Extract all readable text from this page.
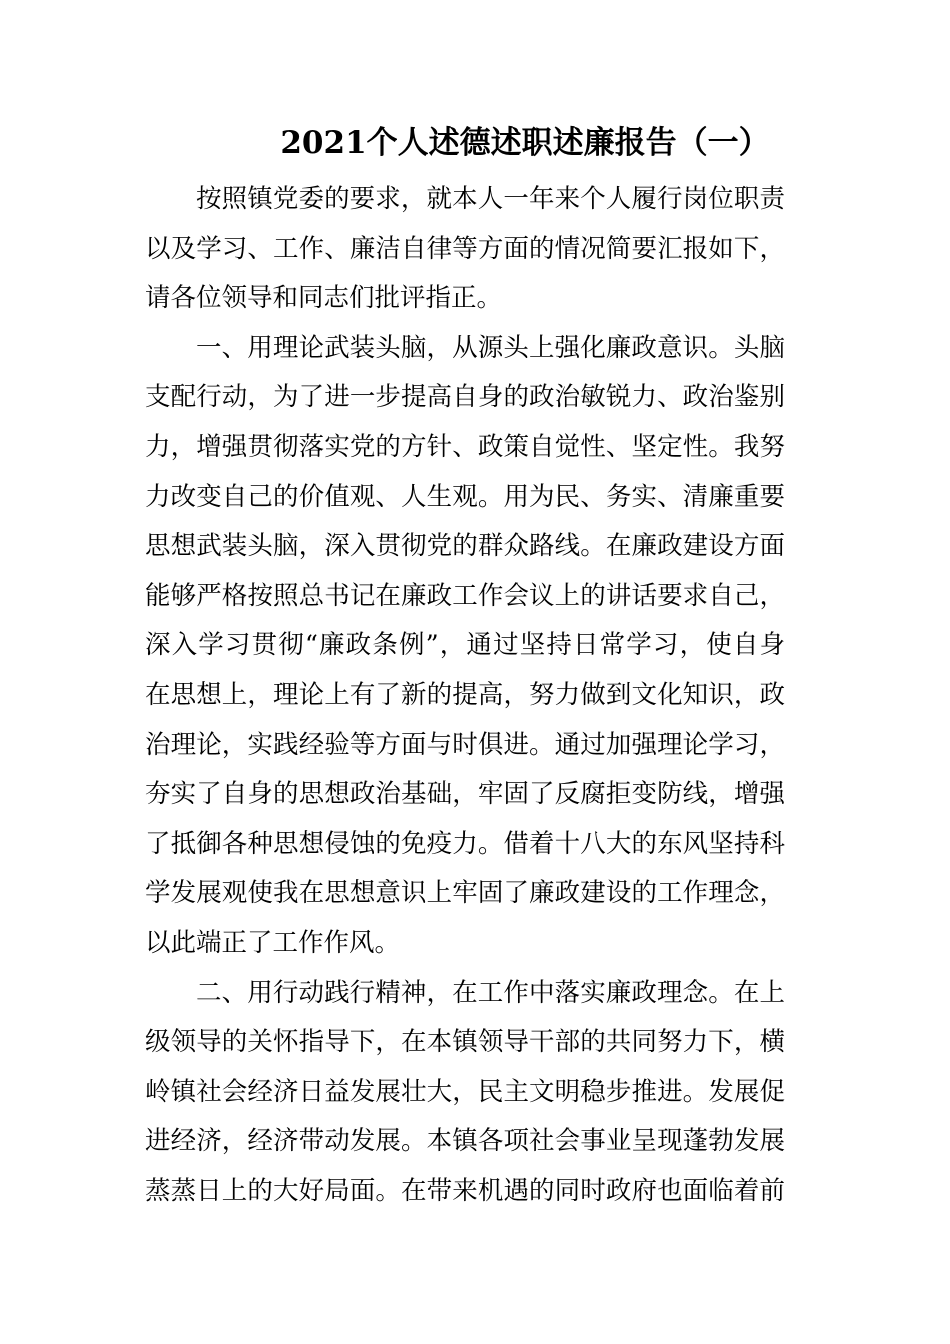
2021个人述德述职述廉报告（一）
按照镇党委的要求，就本人一年来个人履行岗位职责
以及学习、工作、廉洁自律等方面的情况简要汇报如下，
请各位领导和同志们批评指正。
一、用理论武装头脑，从源头上强化廉政意识。头脑
支配行动，为了进一步提高自身的政治敏锐力、政治鉴别
力，增强贯彻落实党的方针、政策自觉性、坚定性。我努
力改变自己的价值观、人生观。用为民、务实、清廉重要
思想武装头脑，深入贯彻党的群众路线。在廉政建设方面
能够严格按照总书记在廉政工作会议上的讲话要求自己，
深入学习贯彻“廉政条例”，通过坚持日常学习，使自身
在思想上，理论上有了新的提高，努力做到文化知识，政
治理论，实践经验等方面与时俱进。通过加强理论学习，
夯实了自身的思想政治基础，牢固了反腐拒变防线，增强
了抵御各种思想侵蚀的免疫力。借着十八大的东风坚持科
学发展观使我在思想意识上牢固了廉政建设的工作理念，
以此端正了工作作风。
二、用行动践行精神，在工作中落实廉政理念。在上
级领导的关怀指导下，在本镇领导干部的共同努力下，横
岭镇社会经济日益发展壮大，民主文明稳步推进。发展促
进经济，经济带动发展。本镇各项社会事业呈现蓬勃发展
蒸蒸日上的大好局面。在带来机遇的同时政府也面临着前
